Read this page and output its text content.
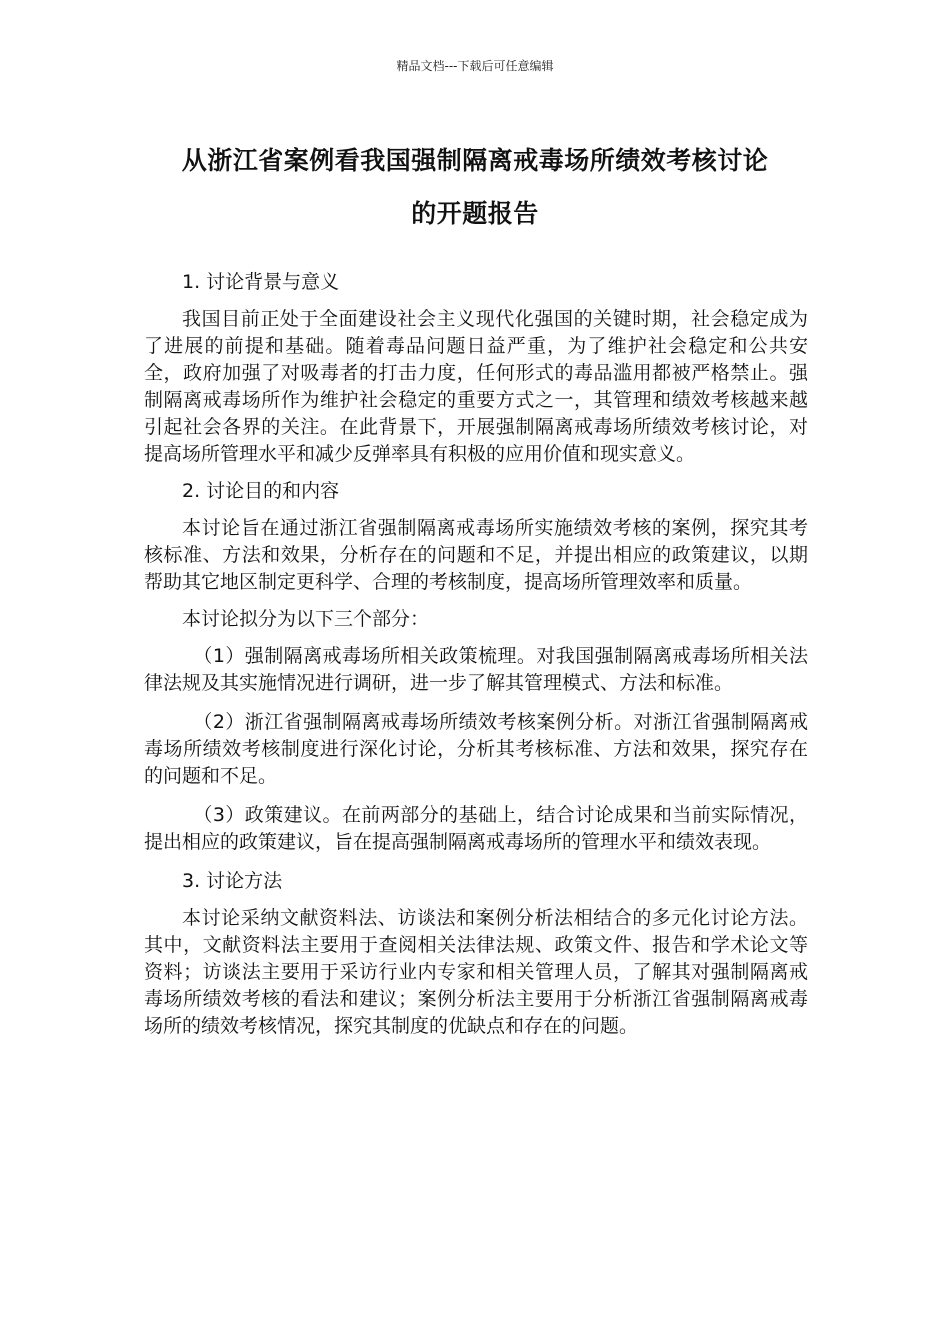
精品文档---下载后可任意编辑
从浙江省案例看我国强制隔离戒毒场所绩效考核讨论
的开题报告

1. 讨论背景与意义

我国目前正处于全面建设社会主义现代化强国的关键时期，社会稳定成为了进展的前提和基础。随着毒品问题日益严重，为了维护社会稳定和公共安全，政府加强了对吸毒者的打击力度，任何形式的毒品滥用都被严格禁止。强制隔离戒毒场所作为维护社会稳定的重要方式之一，其管理和绩效考核越来越引起社会各界的关注。在此背景下，开展强制隔离戒毒场所绩效考核讨论，对提高场所管理水平和减少反弹率具有积极的应用价值和现实意义。

2. 讨论目的和内容

本讨论旨在通过浙江省强制隔离戒毒场所实施绩效考核的案例，探究其考核标准、方法和效果，分析存在的问题和不足，并提出相应的政策建议，以期帮助其它地区制定更科学、合理的考核制度，提高场所管理效率和质量。

本讨论拟分为以下三个部分：

（1）强制隔离戒毒场所相关政策梳理。对我国强制隔离戒毒场所相关法律法规及其实施情况进行调研，进一步了解其管理模式、方法和标准。

（2）浙江省强制隔离戒毒场所绩效考核案例分析。对浙江省强制隔离戒毒场所绩效考核制度进行深化讨论，分析其考核标准、方法和效果，探究存在的问题和不足。

（3）政策建议。在前两部分的基础上，结合讨论成果和当前实际情况，提出相应的政策建议，旨在提高强制隔离戒毒场所的管理水平和绩效表现。

3. 讨论方法

本讨论采纳文献资料法、访谈法和案例分析法相结合的多元化讨论方法。其中，文献资料法主要用于查阅相关法律法规、政策文件、报告和学术论文等资料；访谈法主要用于采访行业内专家和相关管理人员，了解其对强制隔离戒毒场所绩效考核的看法和建议；案例分析法主要用于分析浙江省强制隔离戒毒场所的绩效考核情况，探究其制度的优缺点和存在的问题。
